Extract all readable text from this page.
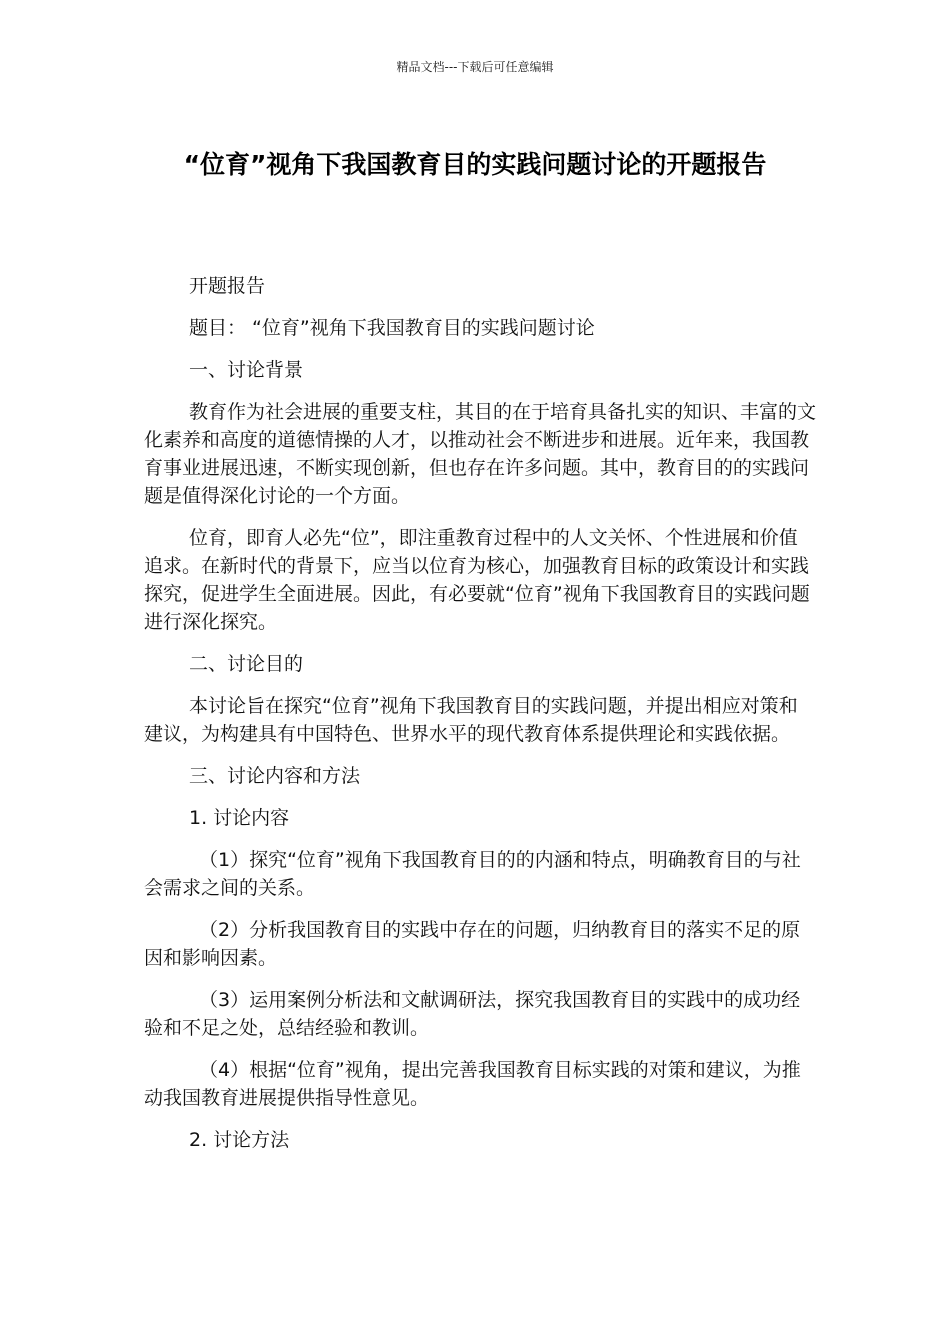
精品文档---下载后可任意编辑
“位育”视角下我国教育目的实践问题讨论的开题报告

开题报告

题目： “位育”视角下我国教育目的实践问题讨论

一、讨论背景

教育作为社会进展的重要支柱，其目的在于培育具备扎实的知识、丰富的文化素养和高度的道德情操的人才，以推动社会不断进步和进展。近年来，我国教育事业进展迅速，不断实现创新，但也存在许多问题。其中，教育目的的实践问题是值得深化讨论的一个方面。

位育，即育人必先“位”，即注重教育过程中的人文关怀、个性进展和价值追求。在新时代的背景下，应当以位育为核心，加强教育目标的政策设计和实践探究，促进学生全面进展。因此，有必要就“位育”视角下我国教育目的实践问题进行深化探究。

二、讨论目的

本讨论旨在探究“位育”视角下我国教育目的实践问题，并提出相应对策和建议，为构建具有中国特色、世界水平的现代教育体系提供理论和实践依据。

三、讨论内容和方法

1. 讨论内容

（1）探究“位育”视角下我国教育目的的内涵和特点，明确教育目的与社会需求之间的关系。

（2）分析我国教育目的实践中存在的问题，归纳教育目的落实不足的原因和影响因素。

（3）运用案例分析法和文献调研法，探究我国教育目的实践中的成功经验和不足之处，总结经验和教训。

（4）根据“位育”视角，提出完善我国教育目标实践的对策和建议，为推动我国教育进展提供指导性意见。

2. 讨论方法
